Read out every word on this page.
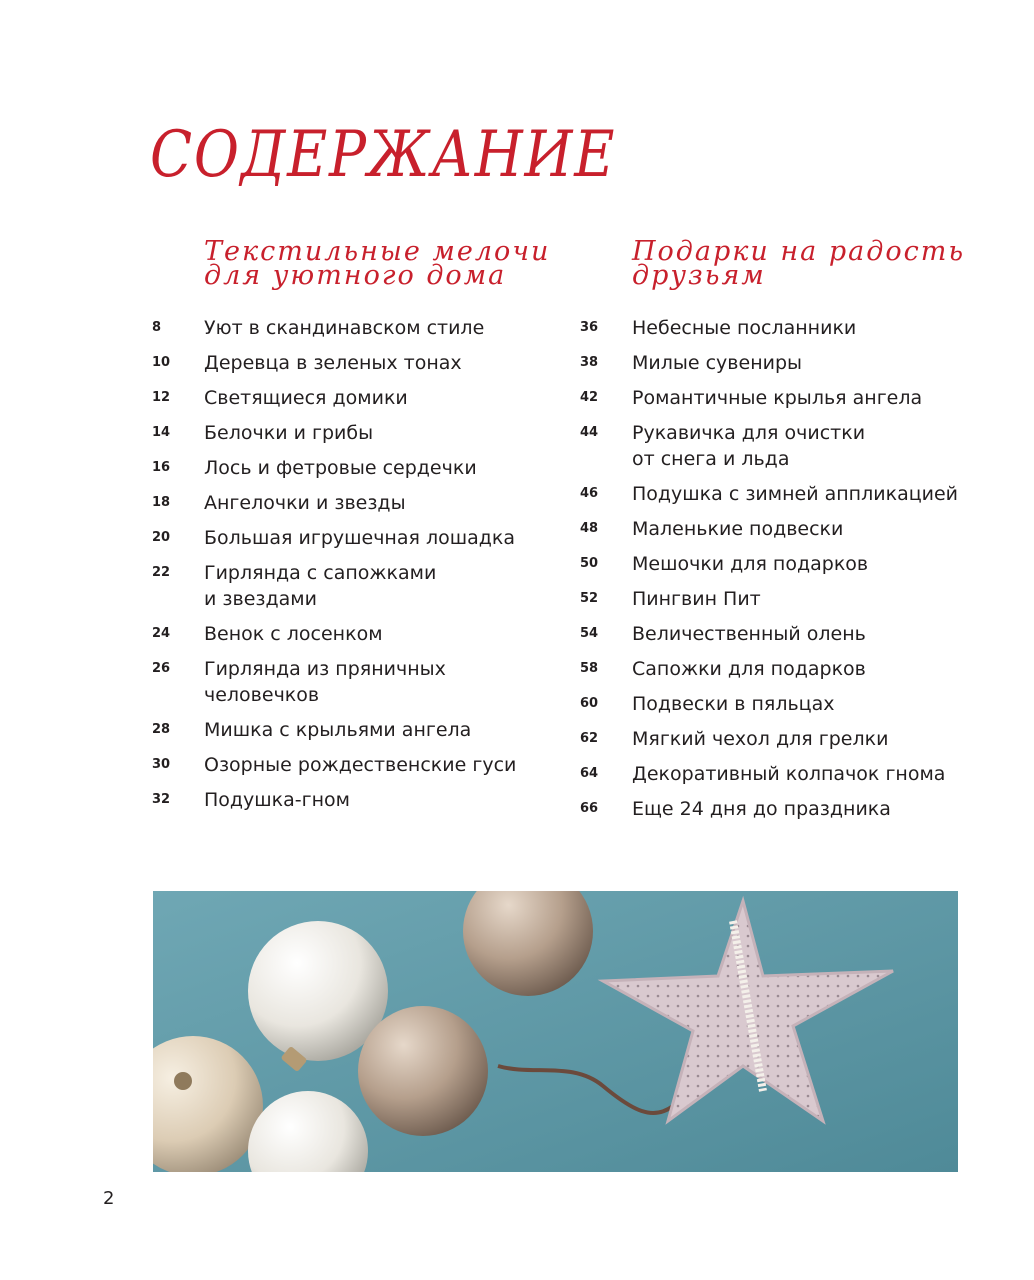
СОДЕРЖАНИЕ
Текстильные мелочи
для уютного дома
8	Уют в скандинавском стиле
10	Деревца в зеленых тонах
12	Светящиеся домики
14	Белочки и грибы
16	Лось и фетровые сердечки
18	Ангелочки и звезды
20	Большая игрушечная лошадка
22	Гирлянда с сапожками
и звездами
24	Венок с лосенком
26	Гирлянда из пряничных
человечков
28	Мишка с крыльями ангела
30	Озорные рождественские гуси
32	Подушка-гном
Подарки на радость
друзьям
36	Небесные посланники
38	Милые сувениры
42	Романтичные крылья ангела
44	Рукавичка для очистки
от снега и льда
46	Подушка с зимней аппликацией
48	Маленькие подвески
50	Мешочки для подарков
52	Пингвин Пит
54	Величественный олень
58	Сапожки для подарков
60	Подвески в пяльцах
62	Мягкий чехол для грелки
64	Декоративный колпачок гнома
66	Еще 24 дня до праздника
2
